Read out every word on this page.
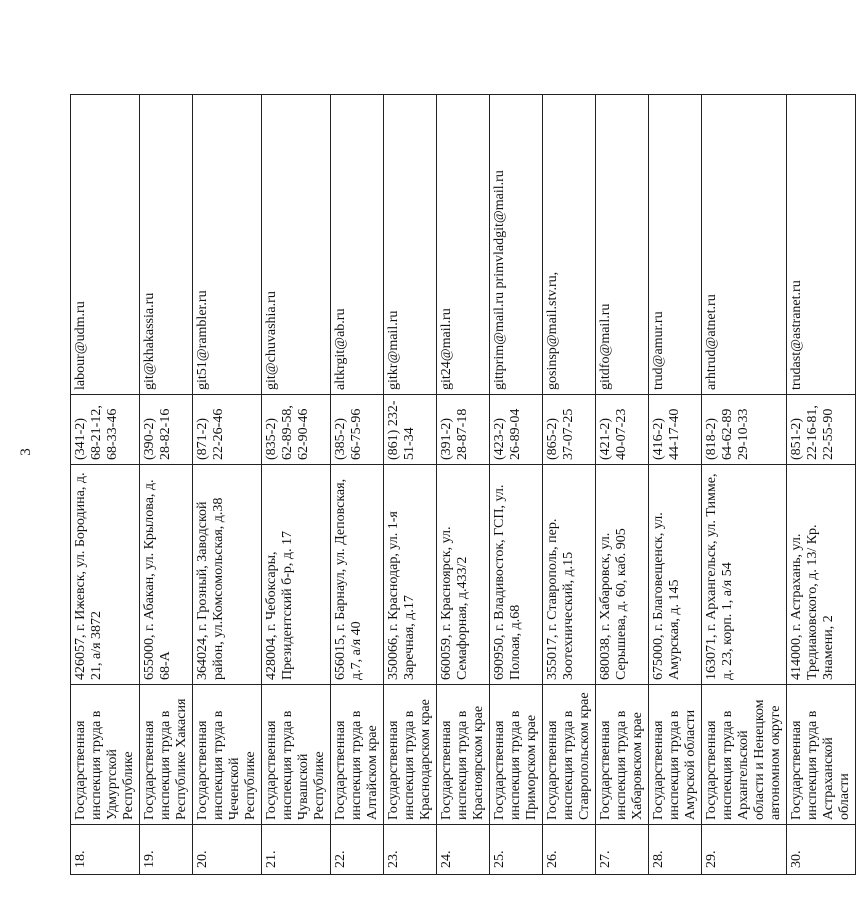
3
18.	Государственная инспекция труда в Удмуртской Республике	426057, г. Ижевск, ул. Бородина, д. 21, а/я 3872	(341-2) 68-21-12, 68-33-46	labour@udm.ru
19.	Государственная инспекция труда в Республике Хакасия	655000, г. Абакан, ул. Крылова, д. 68-А	(390-2) 28-82-16	git@khakassia.ru
20.	Государственная инспекция труда в Чеченской Республике	364024, г. Грозный, Заводской район, ул.Комсомольская, д.38	(871-2) 22-26-46	git51@rambler.ru
21.	Государственная инспекция труда в Чувашской Республике	428004, г. Чебоксары, Президентский б-р, д. 17	(835-2) 62-89-58, 62-90-46	git@chuvashia.ru
22.	Государственная инспекция труда в Алтайском крае	656015, г. Барнаул, ул. Деповская, д.7, а/я 40	(385-2) 66-75-96	altkrgit@ab.ru
23.	Государственная инспекция труда в Краснодарском крае	350066, г. Краснодар, ул. 1-я Заречная, д.17	(861) 232-51-34	gitkr@mail.ru
24.	Государственная инспекция труда в Красноярском крае	660059, г. Красноярск, ул. Семафорная, д.433/2	(391-2) 28-87-18	git24@mail.ru
25.	Государственная инспекция труда в Приморском крае	690950, г. Владивосток, ГСП, ул. Полоая, д.68	(423-2) 26-89-04	gittprim@mail.ru primvladgit@mail.ru
26.	Государственная инспекция труда в Ставропольском крае	355017, г. Ставрополь, пер. Зоотехнический, д.15	(865-2) 37-07-25	gosinsp@mail.stv.ru,
27.	Государственная инспекция труда в Хабаровском крае	680038, г. Хабаровск, ул. Серышева, д. 60, каб. 905	(421-2) 40-07-23	gitdfo@mail.ru
28.	Государственная инспекция труда в Амурской области	675000, г. Благовещенск, ул. Амурская, д. 145	(416-2) 44-17-40	trud@amur.ru
29.	Государственная инспекция труда в Архангельской области и Ненецком автономном округе	163071, г. Архангельск, ул. Тимме, д. 23, корп. 1, а/я 54	(818-2) 64-62-89 29-10-33	arhtrud@atnet.ru
30.	Государственная инспекция труда в Астраханской области	414000, г. Астрахань, ул. Тредиаковского, д. 13/ Кр. Знамени, 2	(851-2) 22-16-81, 22-55-90	trudast@astranet.ru
